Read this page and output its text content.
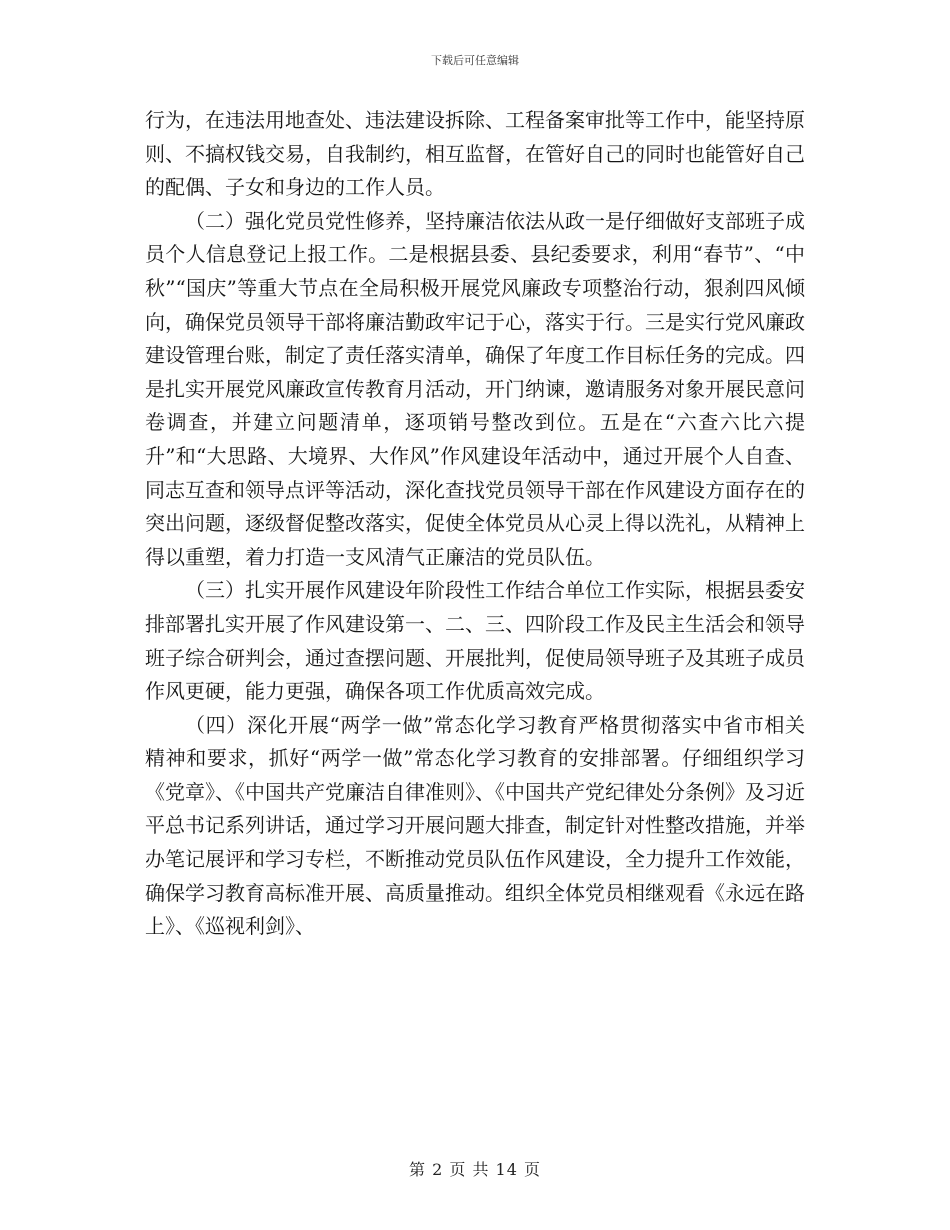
下载后可任意编辑

行为，在违法用地查处、违法建设拆除、工程备案审批等工作中，能坚持原则、不搞权钱交易，自我制约，相互监督，在管好自己的同时也能管好自己的配偶、子女和身边的工作人员。

（二）强化党员党性修养，坚持廉洁依法从政一是仔细做好支部班子成员个人信息登记上报工作。二是根据县委、县纪委要求，利用“春节”、“中秋”“国庆”等重大节点在全局积极开展党风廉政专项整治行动，狠刹四风倾向，确保党员领导干部将廉洁勤政牢记于心，落实于行。三是实行党风廉政建设管理台账，制定了责任落实清单，确保了年度工作目标任务的完成。四是扎实开展党风廉政宣传教育月活动，开门纳谏，邀请服务对象开展民意问卷调查，并建立问题清单，逐项销号整改到位。五是在“六查六比六提升”和“大思路、大境界、大作风”作风建设年活动中，通过开展个人自查、同志互查和领导点评等活动，深化查找党员领导干部在作风建设方面存在的突出问题，逐级督促整改落实，促使全体党员从心灵上得以洗礼，从精神上得以重塑，着力打造一支风清气正廉洁的党员队伍。

（三）扎实开展作风建设年阶段性工作结合单位工作实际，根据县委安排部署扎实开展了作风建设第一、二、三、四阶段工作及民主生活会和领导班子综合研判会，通过查摆问题、开展批判，促使局领导班子及其班子成员作风更硬，能力更强，确保各项工作优质高效完成。

（四）深化开展“两学一做”常态化学习教育严格贯彻落实中省市相关精神和要求，抓好“两学一做”常态化学习教育的安排部署。仔细组织学习《党章》、《中国共产党廉洁自律准则》、《中国共产党纪律处分条例》及习近平总书记系列讲话，通过学习开展问题大排查，制定针对性整改措施，并举办笔记展评和学习专栏，不断推动党员队伍作风建设，全力提升工作效能，确保学习教育高标准开展、高质量推动。组织全体党员相继观看《永远在路上》、《巡视利剑》、

第 2 页 共 14 页
